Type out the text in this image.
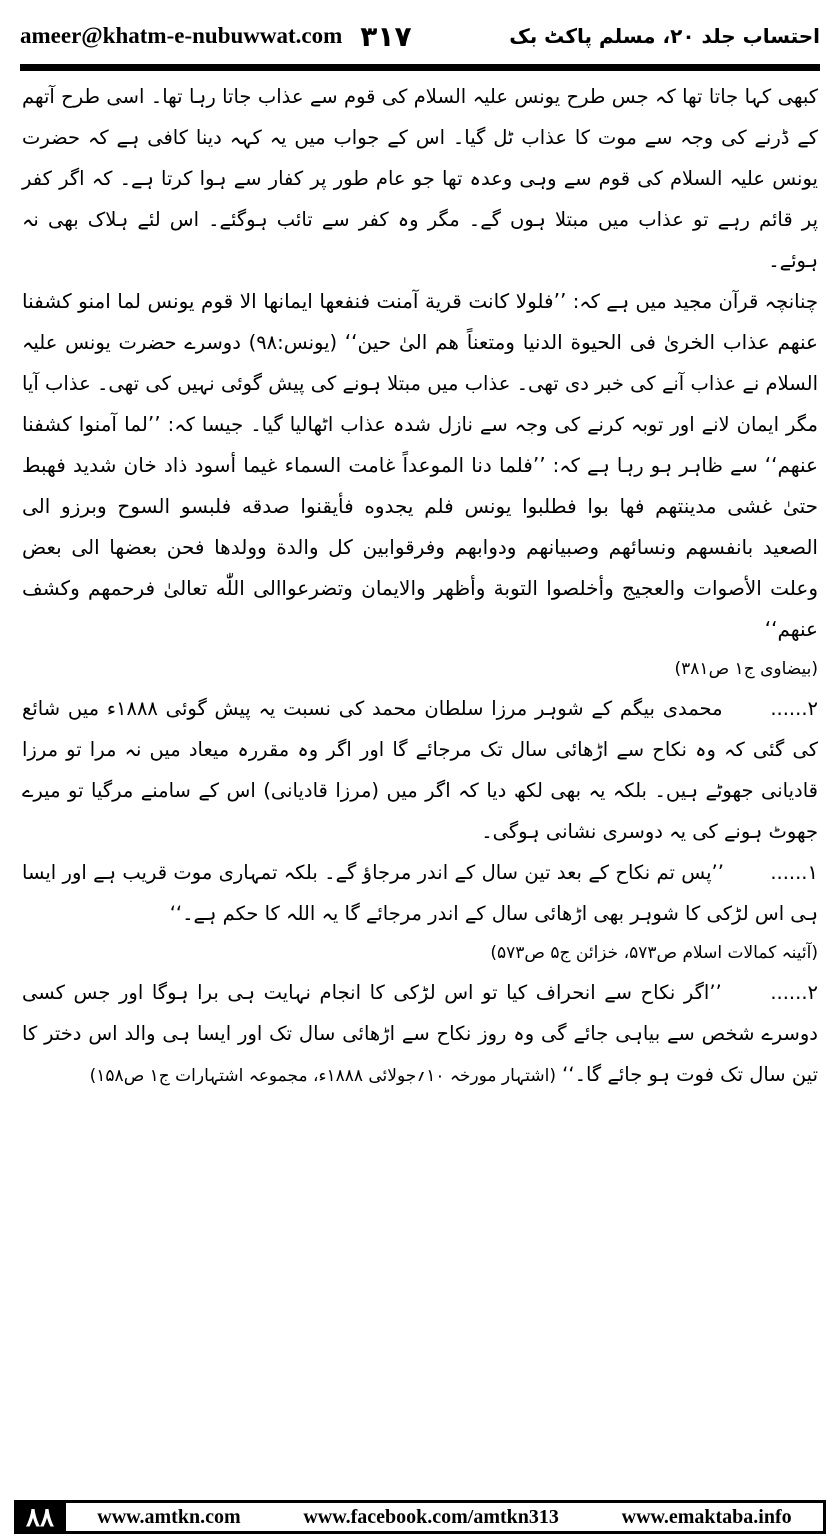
ameer@khatm-e-nubuwwat.com ۳۱۷	احتساب جلد ۲۰، مسلم پاکٹ بک

کبھی کہا جاتا تھا کہ جس طرح یونس علیہ السلام کی قوم سے عذاب جاتا رہا تھا۔ اسی طرح آتھم کے ڈرنے کی وجہ سے موت کا عذاب ٹل گیا۔ اس کے جواب میں یہ کہہ دینا کافی ہے کہ حضرت یونس علیہ السلام کی قوم سے وہی وعدہ تھا جو عام طور پر کفار سے ہوا کرتا ہے۔ کہ اگر کفر پر قائم رہے تو عذاب میں مبتلا ہوں گے۔ مگر وہ کفر سے تائب ہوگئے۔ اس لئے ہلاک بھی نہ ہوئے۔

چنانچہ قرآن مجید میں ہے کہ: ’’فلولا کانت قریة آمنت فنفعها ایمانها الا قوم یونس لما امنو کشفنا عنهم عذاب الخریٰ فی الحیوة الدنیا ومتعناً هم الیٰ حین‘‘ (یونس:۹۸) دوسرے حضرت یونس علیہ السلام نے عذاب آنے کی خبر دی تھی۔ عذاب میں مبتلا ہونے کی پیش گوئی نہیں کی تھی۔ عذاب آیا مگر ایمان لانے اور توبہ کرنے کی وجہ سے نازل شدہ عذاب اٹھالیا گیا۔ جیسا کہ: ’’لما آمنوا کشفنا عنهم‘‘ سے ظاہر ہو رہا ہے کہ: ’’فلما دنا الموعداً غامت السماء غیما أسود ذاد خان شدید فهبط حتیٰ غشی مدینتهم فها بوا فطلبوا یونس فلم یجدوه فأیقنوا صدقه فلبسو السوح وبرزو الی الصعید بانفسهم ونسائهم وصبیانهم ودوابهم وفرقوابین کل والدة وولدها فحن بعضها الی بعض وعلت الأصوات والعجیج وأخلصوا التوبة وأظهر والایمان وتضرعواالی اللّٰه تعالیٰ فرحمهم وکشف عنهم‘‘

(بیضاوی ج۱ ص۳۸۱)

۲...... محمدی بیگم کے شوہر مرزا سلطان محمد کی نسبت یہ پیش گوئی ۱۸۸۸ء میں شائع کی گئی کہ وہ نکاح سے اڑھائی سال تک مرجائے گا اور اگر وہ مقررہ میعاد میں نہ مرا تو مرزا قادیانی جھوٹے ہیں۔ بلکہ یہ بھی لکھ دیا کہ اگر میں (مرزا قادیانی) اس کے سامنے مرگیا تو میرے جھوٹ ہونے کی یہ دوسری نشانی ہوگی۔

۱...... ’’پس تم نکاح کے بعد تین سال کے اندر مرجاؤ گے۔ بلکہ تمہاری موت قریب ہے اور ایسا ہی اس لڑکی کا شوہر بھی اڑھائی سال کے اندر مرجائے گا یہ اللہ کا حکم ہے۔‘‘

(آئینہ کمالات اسلام ص۵۷۳، خزائن ج۵ ص۵۷۳)

۲...... ’’اگر نکاح سے انحراف کیا تو اس لڑکی کا انجام نہایت ہی برا ہوگا اور جس کسی دوسرے شخص سے بیاہی جائے گی وہ روز نکاح سے اڑھائی سال تک اور ایسا ہی والد اس دختر کا تین سال تک فوت ہو جائے گا۔‘‘ (اشتہار مورخہ ۱۰؍جولائی ۱۸۸۸ء، مجموعہ اشتہارات ج۱ ص۱۵۸)

۸۸	www.amtkn.com	www.facebook.com/amtkn313	www.emaktaba.info
